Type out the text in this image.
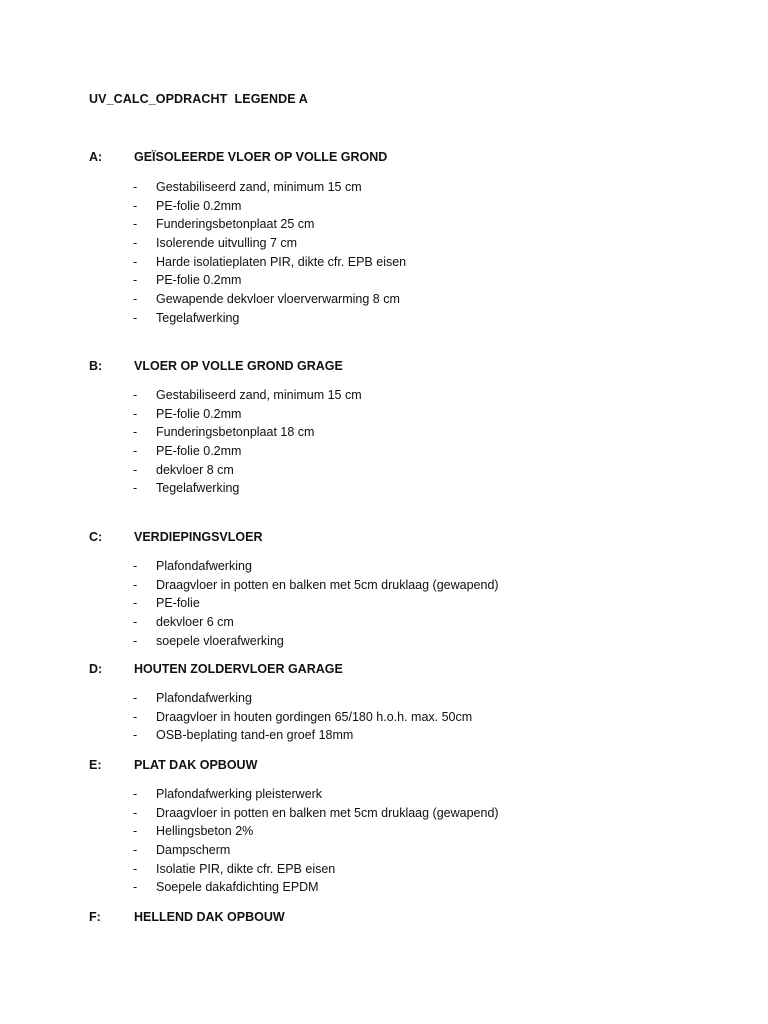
UV_CALC_OPDRACHT  LEGENDE A
A:	GEÏSOLEERDE VLOER OP VOLLE GROND
- Gestabiliseerd zand, minimum 15 cm
- PE-folie 0.2mm
- Funderingsbetonplaat 25 cm
- Isolerende uitvulling 7 cm
- Harde isolatieplaten PIR, dikte cfr. EPB eisen
- PE-folie 0.2mm
- Gewapende dekvloer vloerverwarming 8 cm
- Tegelafwerking
B:	VLOER OP VOLLE GROND GRAGE
- Gestabiliseerd zand, minimum 15 cm
- PE-folie 0.2mm
- Funderingsbetonplaat 18 cm
- PE-folie 0.2mm
- dekvloer 8 cm
- Tegelafwerking
C:	VERDIEPINGSVLOER
- Plafondafwerking
- Draagvloer in potten en balken met 5cm druklaag (gewapend)
- PE-folie
- dekvloer 6 cm
- soepele vloerafwerking
D:	HOUTEN ZOLDERVLOER GARAGE
- Plafondafwerking
- Draagvloer in houten gordingen 65/180 h.o.h. max. 50cm
- OSB-beplating tand-en groef 18mm
E:	PLAT DAK OPBOUW
- Plafondafwerking pleisterwerk
- Draagvloer in potten en balken met 5cm druklaag (gewapend)
- Hellingsbeton 2%
- Dampscherm
- Isolatie PIR, dikte cfr. EPB eisen
- Soepele dakafdichting EPDM
F:	HELLEND DAK OPBOUW
